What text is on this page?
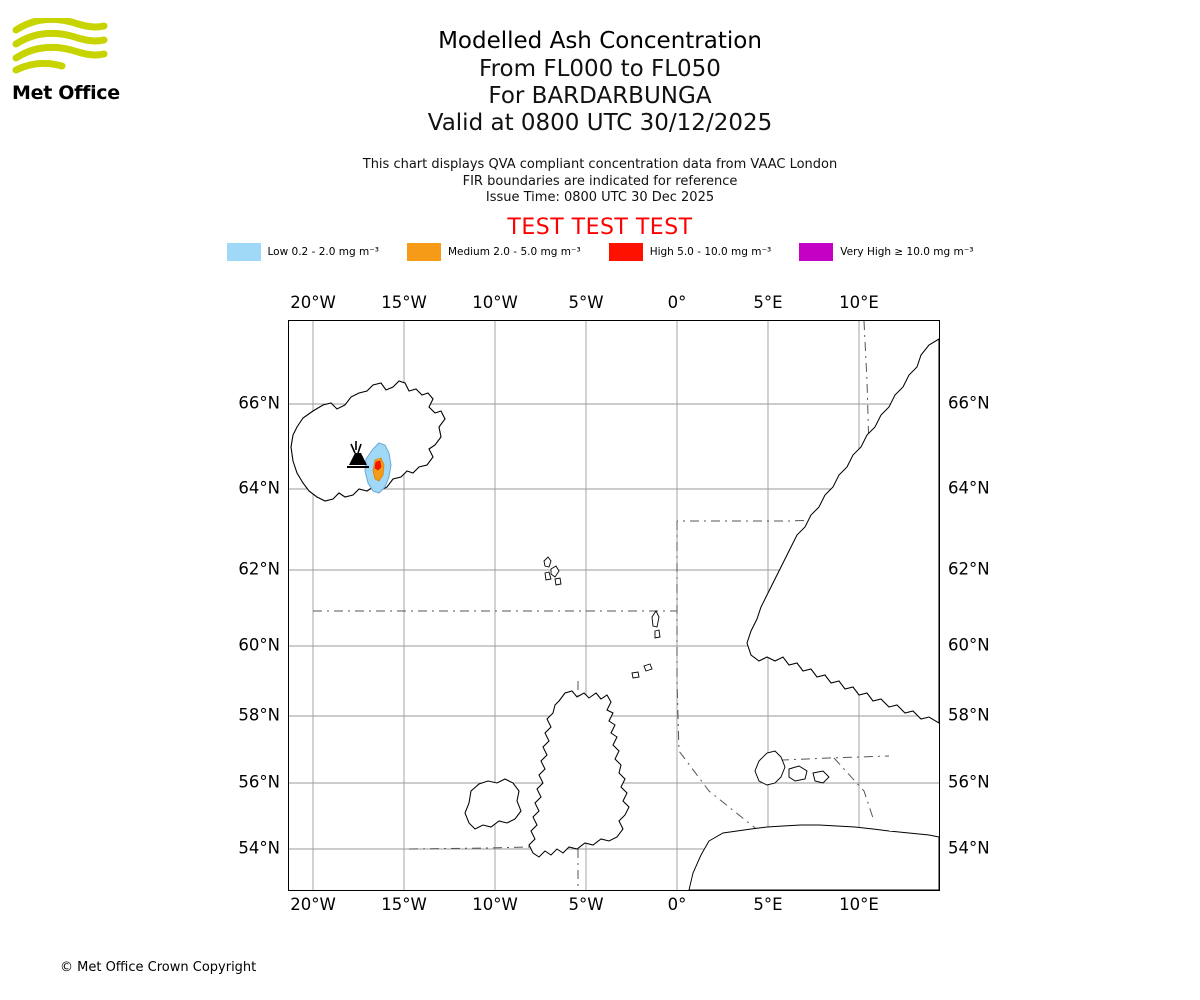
Met Office
Modelled Ash Concentration
From FL000 to FL050
For BARDARBUNGA
Valid at 0800 UTC 30/12/2025
This chart displays QVA compliant concentration data from VAAC London
FIR boundaries are indicated for reference
Issue Time: 0800 UTC 30 Dec 2025
TEST TEST TEST
Low 0.2 - 2.0 mg m⁻³	Medium 2.0 - 5.0 mg m⁻³	High 5.0 - 10.0 mg m⁻³	Very High ≥ 10.0 mg m⁻³
20°W	15°W	10°W	5°W	0°	5°E	10°E
20°W	15°W	10°W	5°W	0°	5°E	10°E
66°N
64°N
62°N
60°N
58°N
56°N
54°N
66°N
64°N
62°N
60°N
58°N
56°N
54°N
© Met Office Crown Copyright
